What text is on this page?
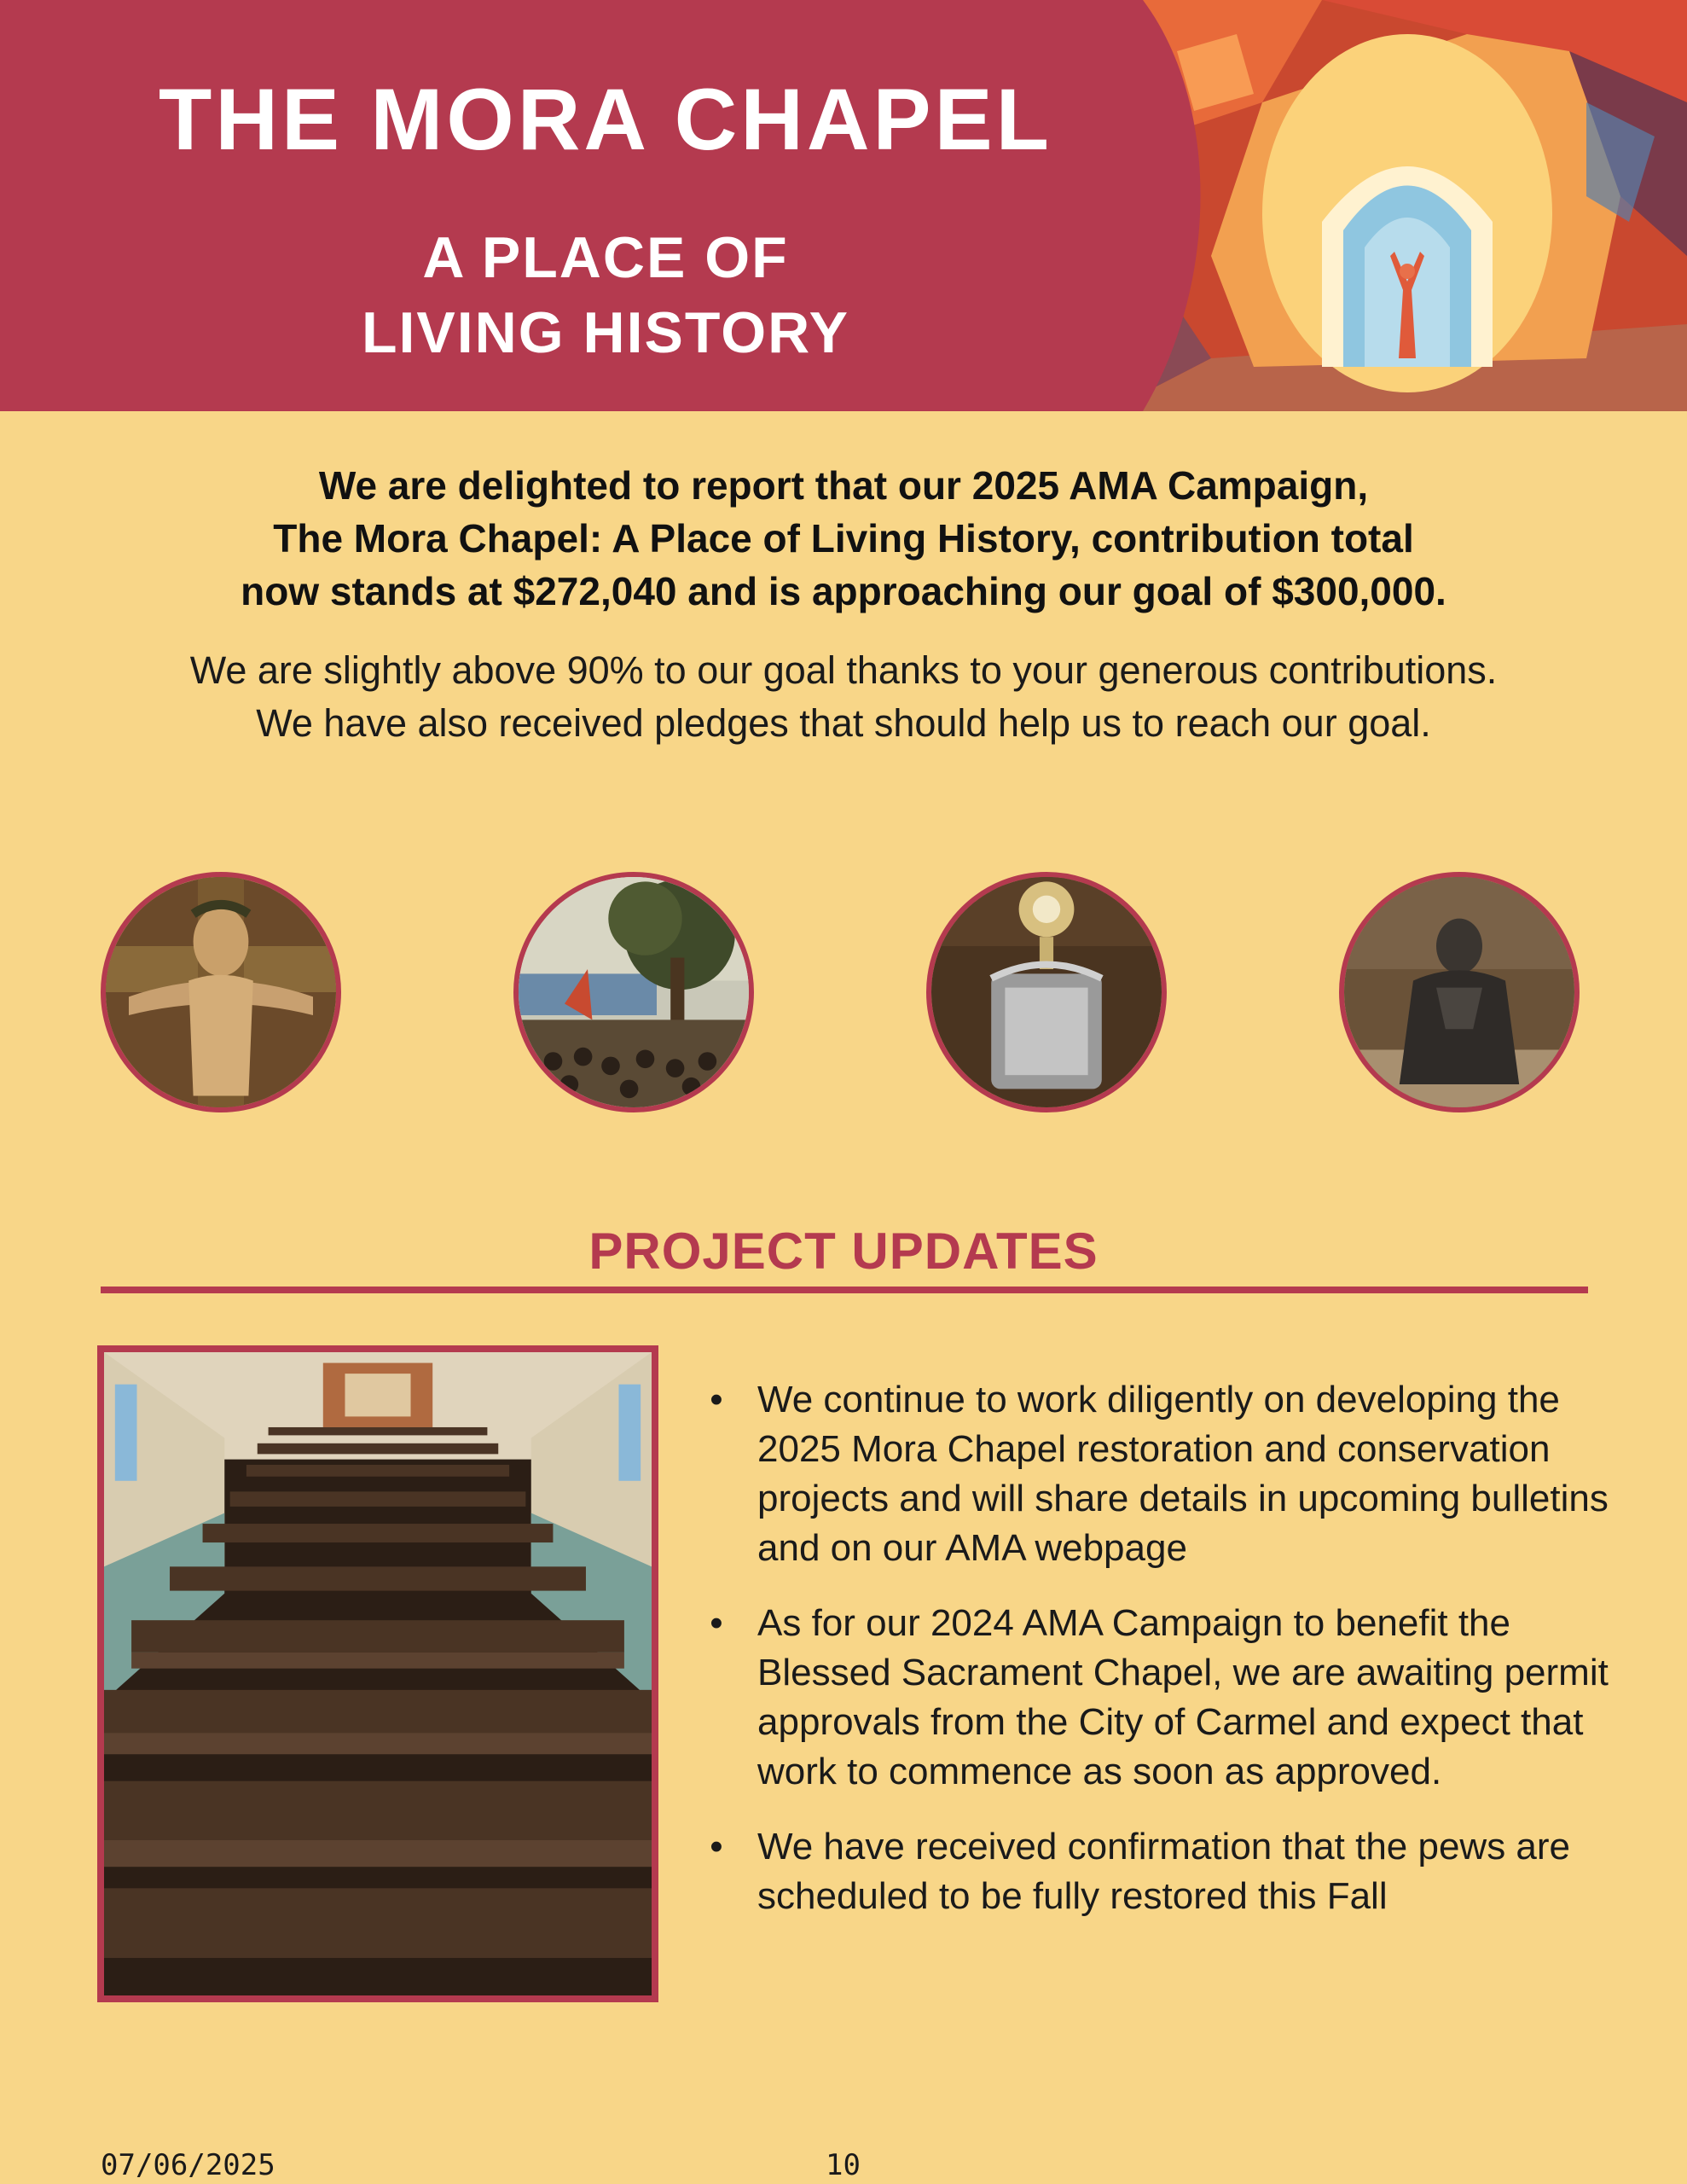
THE MORA CHAPEL
A PLACE OF
LIVING HISTORY

We are delighted to report that our 2025 AMA Campaign,
The Mora Chapel: A Place of Living History, contribution total
now stands at $272,040 and is approaching our goal of $300,000.

We are slightly above 90% to our goal thanks to your generous contributions.
We have also received pledges that should help us to reach our goal.

PROJECT UPDATES
• We continue to work diligently on developing the 2025 Mora Chapel restoration and conservation projects and will share details in upcoming bulletins and on our AMA webpage
• As for our 2024 AMA Campaign to benefit the Blessed Sacrament Chapel, we are awaiting permit approvals from the City of Carmel and expect that work to commence as soon as approved.
• We have received confirmation that the pews are scheduled to be fully restored this Fall

07/06/2025	10
